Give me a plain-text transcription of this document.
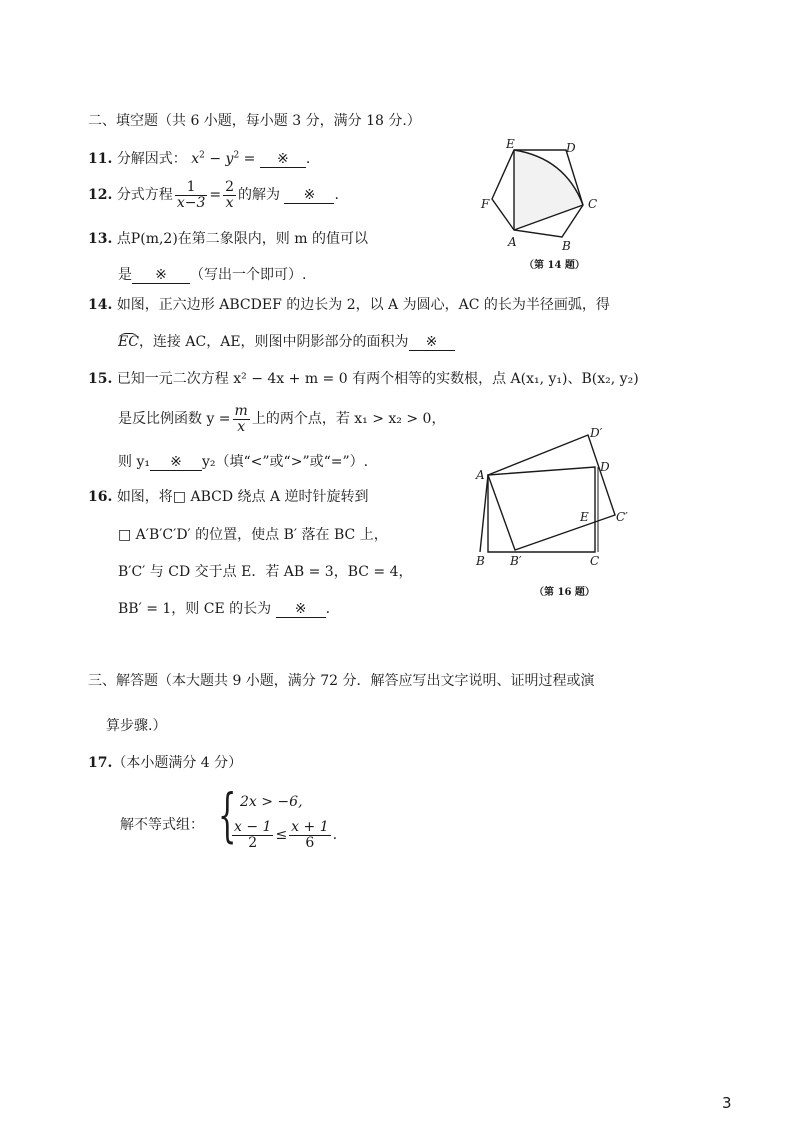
二、填空题（共 6 小题，每小题 3 分，满分 18 分.）
11. 分解因式： $x^2 - y^2$ = ※ .
12. 分式方程 $\frac{1}{x-3} = \frac{2}{x}$ 的解为 ※ .
13. 点P(m,2)在第二象限内，则 m 的值可以
是 ※ （写出一个即可）.
E	D
F	C
A	B
（第 14 题）
14. 如图，正六边形 ABCDEF 的边长为 2，以 A 为圆心，AC 的长为半径画弧，得
EC，连接 AC，AE，则图中阴影部分的面积为 ※
15. 已知一元二次方程 x² − 4x + m = 0 有两个相等的实数根，点 A(x₁, y₁)、B(x₂, y₂)
是反比例函数 $y = \frac{m}{x}$ 上的两个点，若 x₁ > x₂ > 0，
则 y₁ ※ y₂（填“<”或“>”或“=”）.
D′
A
D
E C′
B B′	C
（第 16 题）
16. 如图，将□ ABCD 绕点 A 逆时针旋转到
□ A′B′C′D′ 的位置，使点 B′ 落在 BC 上，
B′C′ 与 CD 交于点 E．若 AB = 3，BC = 4，
BB′ = 1，则 CE 的长为 ※ .
三、解答题（本大题共 9 小题，满分 72 分．解答应写出文字说明、证明过程或演
算步骤.）
17.（本小题满分 4 分）
解不等式组： { 2x > −6,
$\frac{x - 1}{2} \le \frac{x + 1}{6}$ .
3
